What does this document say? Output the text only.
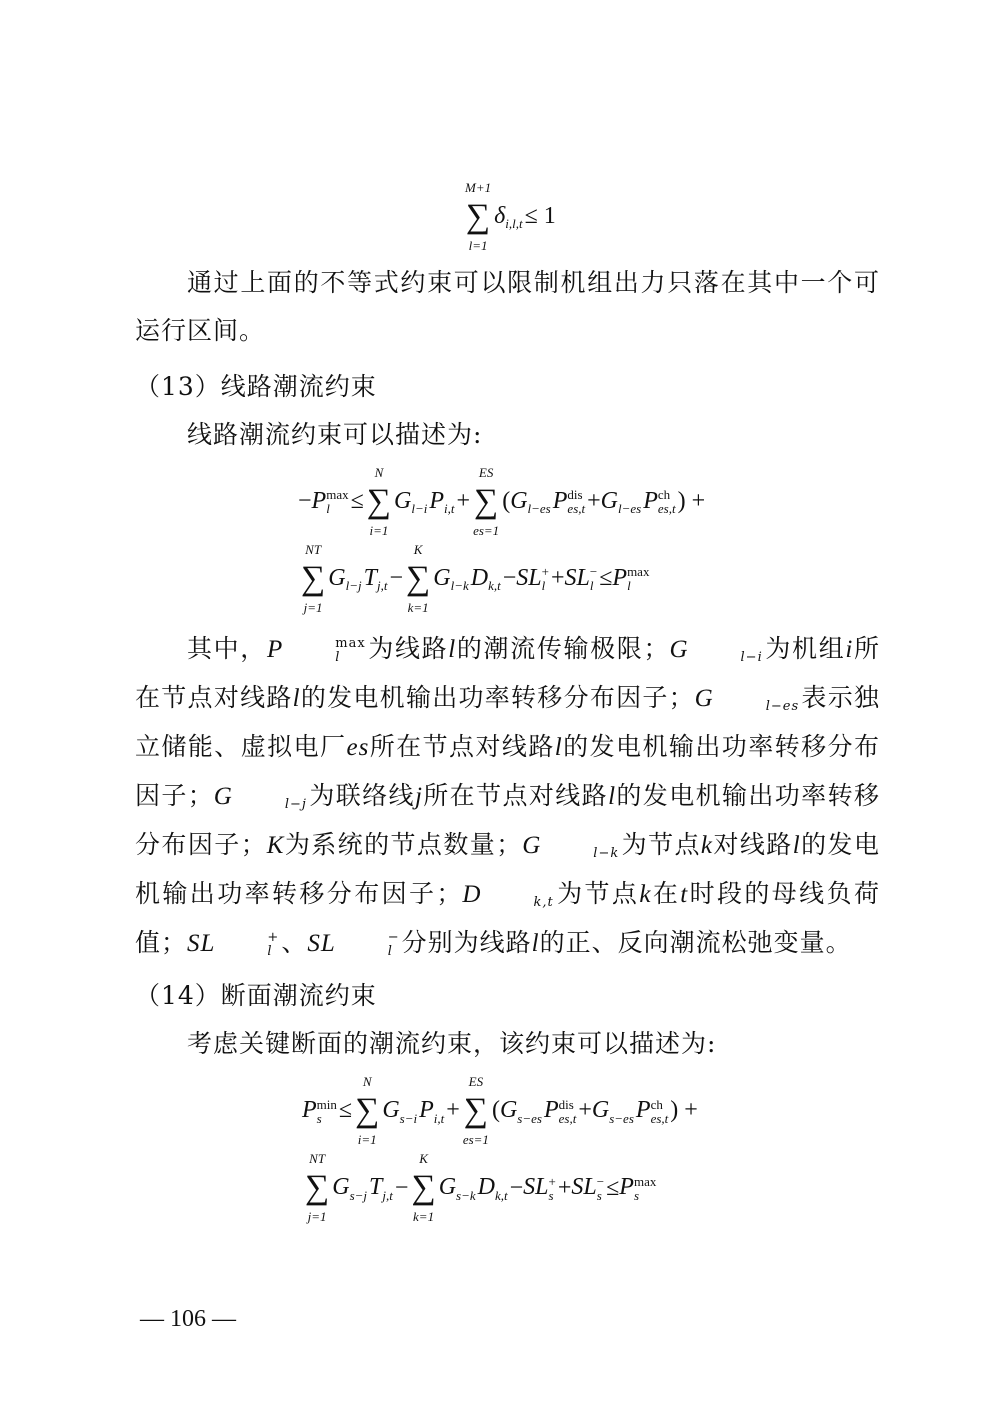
M+1
∑
l=1
δ
i,l,t ≤ 1
通过上面的不等式约束可以限制机组出力只落在其中一个可运行区间。
（13）线路潮流约束
线路潮流约束可以描述为:
− P max
l ≤
N
∑
i=1
G
l−i P
i,t +
ES
∑
es=1
( G
l−es P dis
es,t + G
l−es P ch
es,t ) +
NT
∑
j=1
G
l−j T
j,t −
K
∑
k=1
G
l−k D
k,t − SL +
l + SL −
l ≤ P max
l
其中，P	max
l	为线路l的潮流传输极限；G
	l−i 为机组i所在节点对线路l的发电机输出功率转移分布因子；G
	l−es 表示独立储能、虚拟电厂es所在节点对线路l的发电机输出功率转移分布因子；G
	l−j 为联络线j所在节点对线路l的发电机输出功率转移分布因子；K为系统的节点数量；G
	l−k 为节点k对线路l的发电机输出功率转移分布因子；D
	k,t 为节点k在t时段的母线负荷值；SL	+
l 、SL	−
l 分别为线路l的正、反向潮流松弛变量。
（14）断面潮流约束
考虑关键断面的潮流约束，该约束可以描述为:
P min
s ≤
N
∑
i=1
G
s−i P
i,t +
ES
∑
es=1
( G
s−es P dis
es,t + G
s−es P ch
es,t ) +
NT
∑
j=1
G
s−j T
j,t −
K
∑
k=1
G
s−k D
k,t − SL +
s + SL −
s ≤ P max
s
— 106 —
